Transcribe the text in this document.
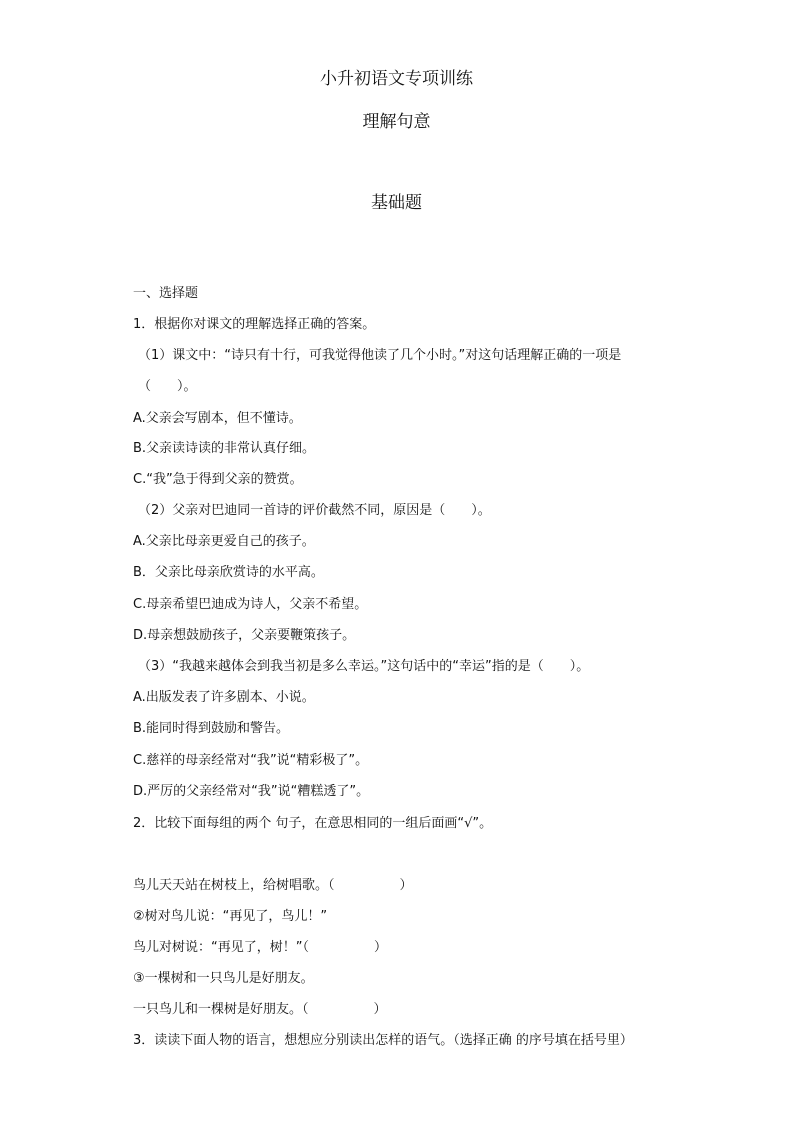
小升初语文专项训练
理解句意
基础题
一、选择题
1．根据你对课文的理解选择正确的答案。
（1）课文中：“诗只有十行，可我觉得他读了几个小时。”对这句话理解正确的一项是
（　　）。
A.父亲会写剧本，但不懂诗。
B.父亲读诗读的非常认真仔细。
C.“我”急于得到父亲的赞赏。
（2）父亲对巴迪同一首诗的评价截然不同，原因是（　　）。
A.父亲比母亲更爱自己的孩子。
B．父亲比母亲欣赏诗的水平高。
C.母亲希望巴迪成为诗人，父亲不希望。
D.母亲想鼓励孩子，父亲要鞭策孩子。
（3）“我越来越体会到我当初是多么幸运。”这句话中的“幸运”指的是（　　）。
A.出版发表了许多剧本、小说。
B.能同时得到鼓励和警告。
C.慈祥的母亲经常对“我”说“精彩极了”。
D.严厉的父亲经常对“我”说“糟糕透了”。
2．比较下面每组的两个 句子，在意思相同的一组后面画“√”。
鸟儿天天站在树枝上，给树唱歌。（　　　　　）
②树对鸟儿说：“再见了，鸟儿！”
鸟儿对树说：“再见了，树！”（　　　　　）
③一棵树和一只鸟儿是好朋友。
一只鸟儿和一棵树是好朋友。（　　　　　）
3．读读下面人物的语言，想想应分别读出怎样的语气。（选择正确 的序号填在括号里）
